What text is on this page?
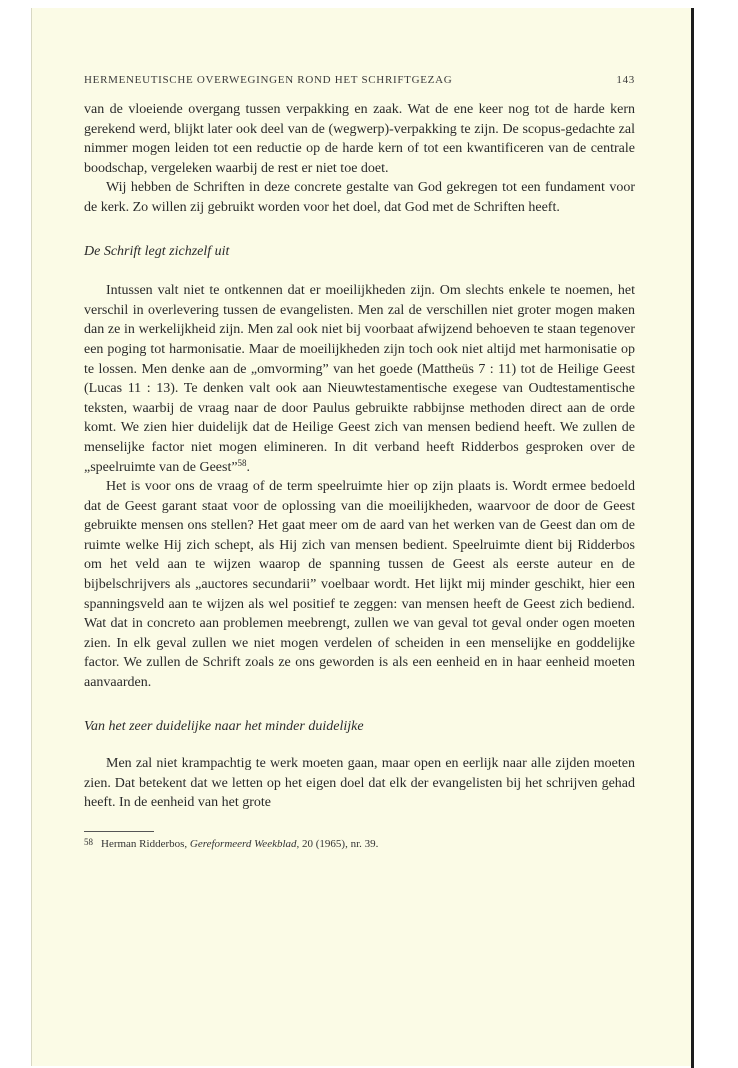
HERMENEUTISCHE OVERWEGINGEN ROND HET SCHRIFTGEZAG	143

van de vloeiende overgang tussen verpakking en zaak. Wat de ene keer nog tot de harde kern gerekend werd, blijkt later ook deel van de (wegwerp)-verpakking te zijn. De scopus-gedachte zal nimmer mogen leiden tot een reductie op de harde kern of tot een kwantificeren van de centrale boodschap, vergeleken waarbij de rest er niet toe doet.

Wij hebben de Schriften in deze concrete gestalte van God gekregen tot een fundament voor de kerk. Zo willen zij gebruikt worden voor het doel, dat God met de Schriften heeft.

De Schrift legt zichzelf uit

Intussen valt niet te ontkennen dat er moeilijkheden zijn. Om slechts enkele te noemen, het verschil in overlevering tussen de evangelisten. Men zal de verschillen niet groter mogen maken dan ze in werkelijkheid zijn. Men zal ook niet bij voorbaat afwijzend behoeven te staan tegenover een poging tot harmonisatie. Maar de moeilijkheden zijn toch ook niet altijd met harmonisatie op te lossen. Men denke aan de „omvorming” van het goede (Mattheüs 7 : 11) tot de Heilige Geest (Lucas 11 : 13). Te denken valt ook aan Nieuwtestamentische exegese van Oudtestamentische teksten, waarbij de vraag naar de door Paulus gebruikte rabbijnse methoden direct aan de orde komt. We zien hier duidelijk dat de Heilige Geest zich van mensen bediend heeft. We zullen de menselijke factor niet mogen elimineren. In dit verband heeft Ridderbos gesproken over de „speelruimte van de Geest”$^{58}$.

Het is voor ons de vraag of de term speelruimte hier op zijn plaats is. Wordt ermee bedoeld dat de Geest garant staat voor de oplossing van die moeilijkheden, waarvoor de door de Geest gebruikte mensen ons stellen? Het gaat meer om de aard van het werken van de Geest dan om de ruimte welke Hij zich schept, als Hij zich van mensen bedient. Speelruimte dient bij Ridderbos om het veld aan te wijzen waarop de spanning tussen de Geest als eerste auteur en de bijbelschrijvers als „auctores secundarii” voelbaar wordt. Het lijkt mij minder geschikt, hier een spanningsveld aan te wijzen als wel positief te zeggen: van mensen heeft de Geest zich bediend. Wat dat in concreto aan problemen meebrengt, zullen we van geval tot geval onder ogen moeten zien. In elk geval zullen we niet mogen verdelen of scheiden in een menselijke en goddelijke factor. We zullen de Schrift zoals ze ons geworden is als een eenheid en in haar eenheid moeten aanvaarden.

Van het zeer duidelijke naar het minder duidelijke

Men zal niet krampachtig te werk moeten gaan, maar open en eerlijk naar alle zijden moeten zien. Dat betekent dat we letten op het eigen doel dat elk der evangelisten bij het schrijven gehad heeft. In de eenheid van het grote

58 Herman Ridderbos, Gereformeerd Weekblad, 20 (1965), nr. 39.
